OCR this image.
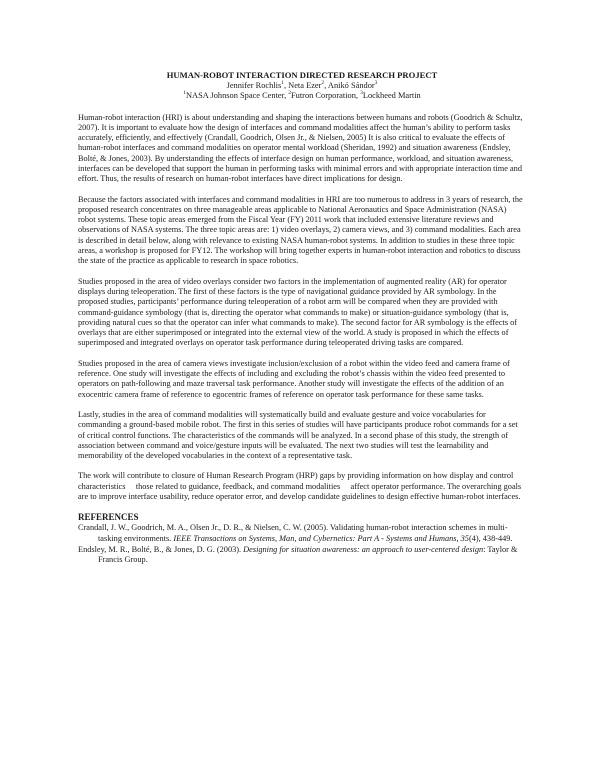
HUMAN-ROBOT INTERACTION DIRECTED RESEARCH PROJECT
Jennifer Rochlis$^1$, Neta Ezer$^2$, Anikó Sándor$^3$
$^1$NASA Johnson Space Center, $^2$Futron Corporation, $^3$Lockheed Martin

Human-robot interaction (HRI) is about understanding and shaping the interactions between humans and robots (Goodrich & Schultz, 2007). It is important to evaluate how the design of interfaces and command modalities affect the human’s ability to perform tasks accurately, efficiently, and effectively (Crandall, Goodrich, Olsen Jr., & Nielsen, 2005) It is also critical to evaluate the effects of human-robot interfaces and command modalities on operator mental workload (Sheridan, 1992) and situation awareness (Endsley, Bolté, & Jones, 2003). By understanding the effects of interface design on human performance, workload, and situation awareness, interfaces can be developed that support the human in performing tasks with minimal errors and with appropriate interaction time and effort. Thus, the results of research on human-robot interfaces have direct implications for design.

Because the factors associated with interfaces and command modalities in HRI are too numerous to address in 3 years of research, the proposed research concentrates on three manageable areas applicable to National Aeronautics and Space Administration (NASA) robot systems. These topic areas emerged from the Fiscal Year (FY) 2011 work that included extensive literature reviews and observations of NASA systems. The three topic areas are: 1) video overlays, 2) camera views, and 3) command modalities. Each area is described in detail below, along with relevance to existing NASA human-robot systems. In addition to studies in these three topic areas, a workshop is proposed for FY12. The workshop will bring together experts in human-robot interaction and robotics to discuss the state of the practice as applicable to research in space robotics.

Studies proposed in the area of video overlays consider two factors in the implementation of augmented reality (AR) for operator displays during teleoperation. The first of these factors is the type of navigational guidance provided by AR symbology. In the proposed studies, participants’ performance during teleoperation of a robot arm will be compared when they are provided with command-guidance symbology (that is, directing the operator what commands to make) or situation-guidance symbology (that is, providing natural cues so that the operator can infer what commands to make). The second factor for AR symbology is the effects of overlays that are either superimposed or integrated into the external view of the world. A study is proposed in which the effects of superimposed and integrated overlays on operator task performance during teleoperated driving tasks are compared.

Studies proposed in the area of camera views investigate inclusion/exclusion of a robot within the video feed and camera frame of reference. One study will investigate the effects of including and excluding the robot’s chassis within the video feed presented to operators on path-following and maze traversal task performance. Another study will investigate the effects of the addition of an exocentric camera frame of reference to egocentric frames of reference on operator task performance for these same tasks.

Lastly, studies in the area of command modalities will systematically build and evaluate gesture and voice vocabularies for commanding a ground-based mobile robot. The first in this series of studies will have participants produce robot commands for a set of critical control functions. The characteristics of the commands will be analyzed. In a second phase of this study, the strength of association between command and voice/gesture inputs will be evaluated. The next two studies will test the learnability and memorability of the developed vocabularies in the context of a representative task.

The work will contribute to closure of Human Research Program (HRP) gaps by providing information on how display and control characteristics     those related to guidance, feedback, and command modalities     affect operator performance. The overarching goals are to improve interface usability, reduce operator error, and develop candidate guidelines to design effective human-robot interfaces.

REFERENCES

Crandall, J. W., Goodrich, M. A., Olsen Jr., D. R., & Nielsen, C. W. (2005). Validating human-robot interaction schemes in multi-tasking environments. IEEE Transactions on Systems, Man, and Cybernetics: Part A - Systems and Humans, 35(4), 438-449.

Endsley, M. R., Bolté, B., & Jones, D. G. (2003). Designing for situation awareness: an approach to user-centered design: Taylor & Francis Group.
